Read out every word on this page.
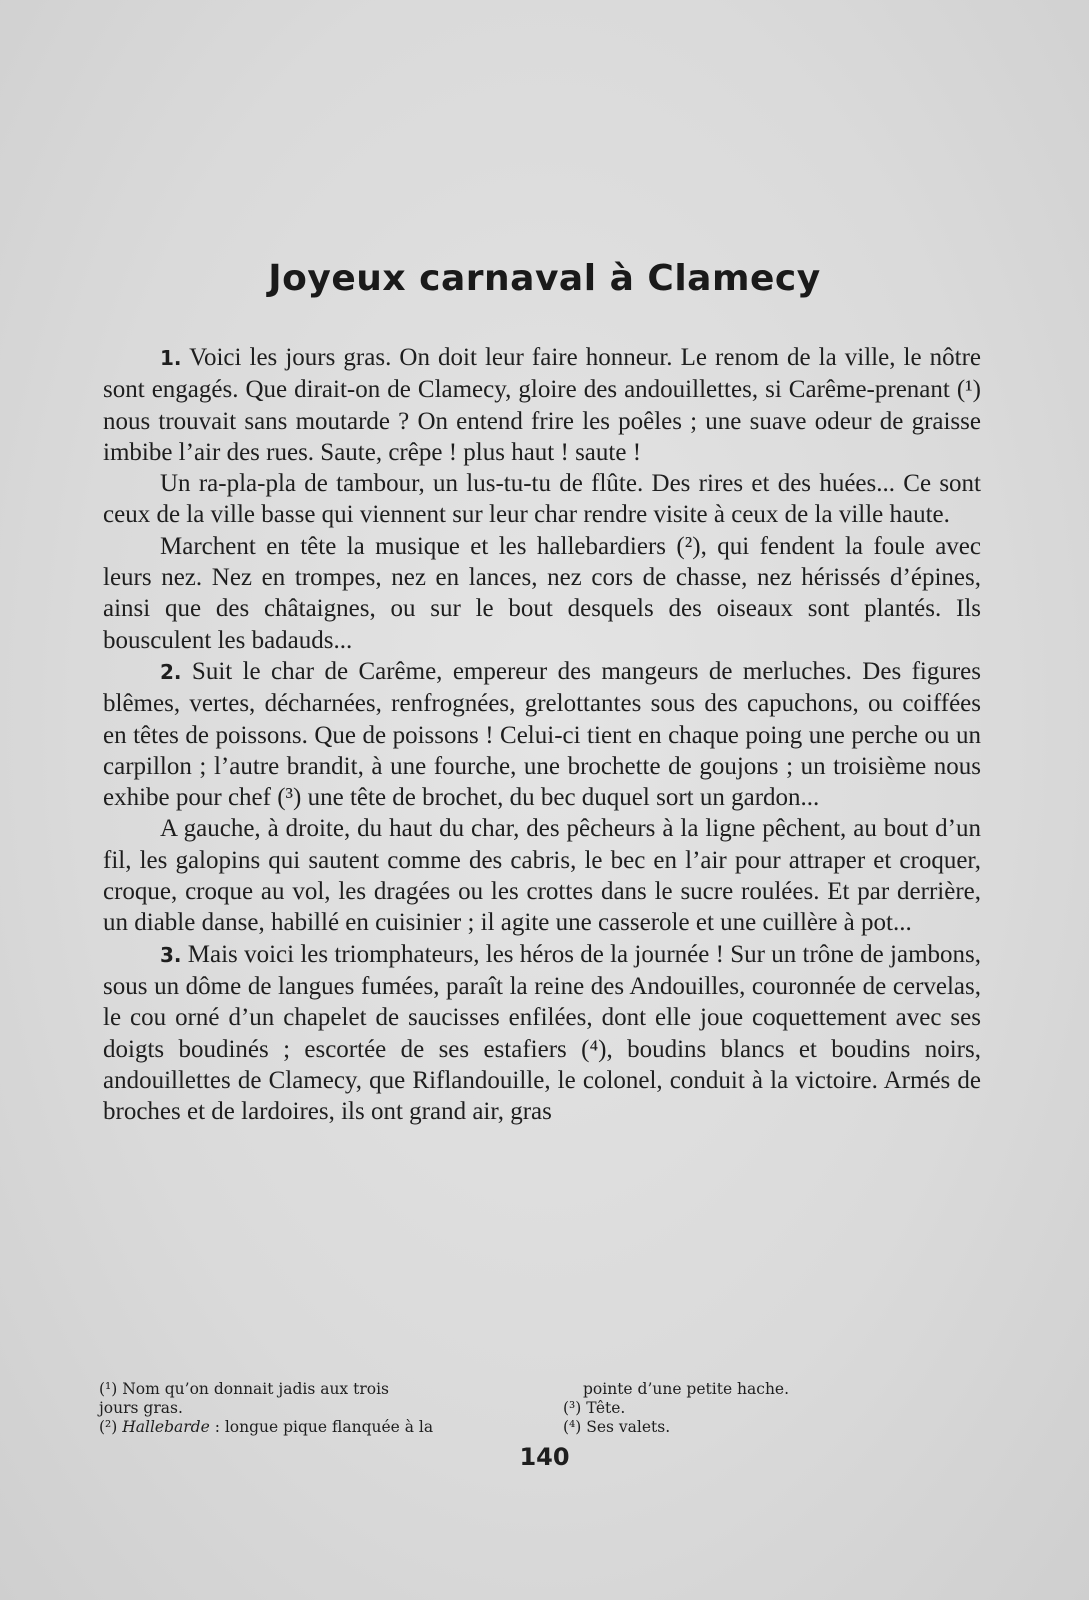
Joyeux carnaval à Clamecy

1. Voici les jours gras. On doit leur faire honneur. Le renom de la ville, le nôtre sont engagés. Que dirait-on de Clamecy, gloire des andouillettes, si Carême-prenant (¹) nous trouvait sans moutarde ? On entend frire les poêles ; une suave odeur de graisse imbibe l’air des rues. Saute, crêpe ! plus haut ! saute !

Un ra-pla-pla de tambour, un lus-tu-tu de flûte. Des rires et des huées... Ce sont ceux de la ville basse qui viennent sur leur char rendre visite à ceux de la ville haute.

Marchent en tête la musique et les hallebardiers (²), qui fendent la foule avec leurs nez. Nez en trompes, nez en lances, nez cors de chasse, nez hérissés d’épines, ainsi que des châtaignes, ou sur le bout desquels des oiseaux sont plantés. Ils bousculent les badauds...

2. Suit le char de Carême, empereur des mangeurs de merluches. Des figures blêmes, vertes, décharnées, renfrognées, grelottantes sous des capuchons, ou coiffées en têtes de poissons. Que de poissons ! Celui-ci tient en chaque poing une perche ou un carpillon ; l’autre brandit, à une fourche, une brochette de goujons ; un troisième nous exhibe pour chef (³) une tête de brochet, du bec duquel sort un gardon...

A gauche, à droite, du haut du char, des pêcheurs à la ligne pêchent, au bout d’un fil, les galopins qui sautent comme des cabris, le bec en l’air pour attraper et croquer, croque, croque au vol, les dragées ou les crottes dans le sucre roulées. Et par derrière, un diable danse, habillé en cuisinier ; il agite une casserole et une cuillère à pot...

3. Mais voici les triomphateurs, les héros de la journée ! Sur un trône de jambons, sous un dôme de langues fumées, paraît la reine des Andouilles, couronnée de cervelas, le cou orné d’un chapelet de saucisses enfilées, dont elle joue coquettement avec ses doigts boudinés ; escortée de ses estafiers (⁴), boudins blancs et boudins noirs, andouillettes de Clamecy, que Riflandouille, le colonel, conduit à la victoire. Armés de broches et de lardoires, ils ont grand air, gras

(¹) Nom qu’on donnait jadis aux trois

jours gras.

(²) Hallebarde : longue pique flanquée à la

pointe d’une petite hache.

(³) Tête.

(⁴) Ses valets.

140
